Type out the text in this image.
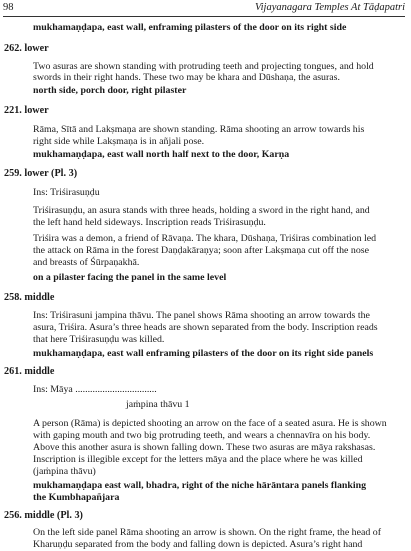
98	Vijayanagara Temples At Tāḍapatri
mukhamaṇḍapa, east wall, enframing pilasters of the door on its right side
262. lower
Two asuras are shown standing with protruding teeth and projecting tongues, and hold
swords in their right hands. These two may be khara and Dūshaṇa, the asuras.
north side, porch door, right pilaster
221. lower
Rāma, Sītā and Lakṣmaṇa are shown standing. Rāma shooting an arrow towards his
right side while Lakṣmaṇa is in añjali pose.
mukhamaṇḍapa, east wall north half next to the door, Karṇa
259. lower (Pl. 3)
Ins: Triśirasuṇḍu
Triśirasuṇḍu, an asura stands with three heads, holding a sword in the right hand, and
the left hand held sideways. Inscription reads Triśirasuṇḍu.
Triśira was a demon, a friend of Rāvaṇa. The khara, Dūshaṇa, Triśiras combination led
the attack on Rāma in the forest Daṇḍakāraṇya; soon after Lakṣmaṇa cut off the nose
and breasts of Śūrpaṇakhā.
on a pilaster facing the panel in the same level
258. middle
Ins: Triśirasuni jampina thāvu. The panel shows Rāma shooting an arrow towards the
asura, Triśira. Asura’s three heads are shown separated from the body. Inscription reads
that here Triśirasuṇḍu was killed.
mukhamaṇḍapa, east wall enframing pilasters of the door on its right side panels
261. middle
Ins: Māya .................................
jaṁpina thāvu 1
A person (Rāma) is depicted shooting an arrow on the face of a seated asura. He is shown
with gaping mouth and two big protruding teeth, and wears a chennavīra on his body.
Above this another asura is shown falling down. These two asuras are māya rakshasas.
Inscription is illegible except for the letters māya and the place where he was killed
(jaṁpina thāvu)
mukhamaṇḍapa east wall, bhadra, right of the niche hārāntara panels flanking
the Kumbhapañjara
256. middle (Pl. 3)
On the left side panel Rāma shooting an arrow is shown. On the right frame, the head of
Kharuṇḍu separated from the body and falling down is depicted. Asura’s right hand
